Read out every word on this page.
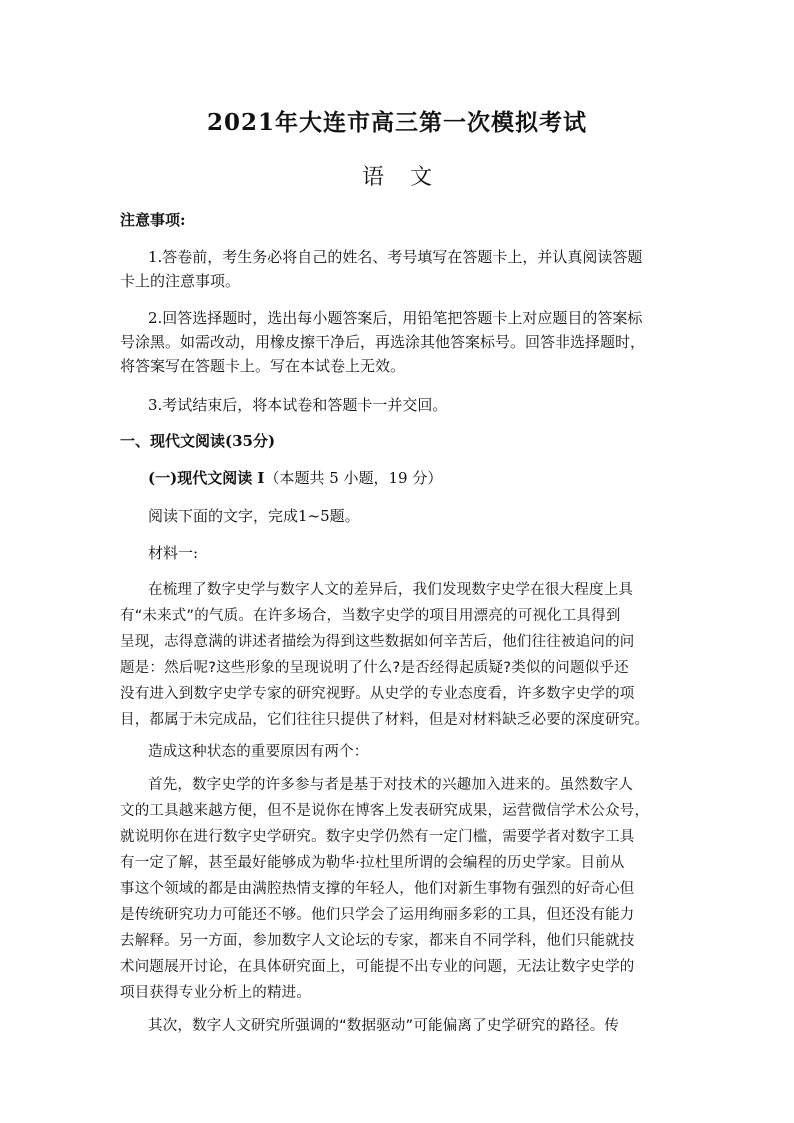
2021年大连市高三第一次模拟考试
语文
注意事项:
1.答卷前，考生务必将自己的姓名、考号填写在答题卡上，并认真阅读答题
卡上的注意事项。
2.回答选择题时，选出每小题答案后，用铅笔把答题卡上对应题目的答案标
号涂黑。如需改动，用橡皮擦干净后，再选涂其他答案标号。回答非选择题时，
将答案写在答题卡上。写在本试卷上无效。
3.考试结束后，将本试卷和答题卡一并交回。
一、现代文阅读(35分)
(一)现代文阅读 I（本题共 5 小题，19 分）
阅读下面的文字，完成1~5题。
材料一:
在梳理了数字史学与数字人文的差异后，我们发现数字史学在很大程度上具
有“未来式”的气质。在许多场合，当数字史学的项目用漂亮的可视化工具得到
呈现，志得意满的讲述者描绘为得到这些数据如何辛苦后，他们往往被追问的问
题是：然后呢?这些形象的呈现说明了什么?是否经得起质疑?类似的问题似乎还
没有进入到数字史学专家的研究视野。从史学的专业态度看，许多数字史学的项
目，都属于未完成品，它们往往只提供了材料，但是对材料缺乏必要的深度研究。
造成这种状态的重要原因有两个：
首先，数字史学的许多参与者是基于对技术的兴趣加入进来的。虽然数字人
文的工具越来越方便，但不是说你在博客上发表研究成果，运营微信学术公众号，
就说明你在进行数字史学研究。数字史学仍然有一定门槛，需要学者对数字工具
有一定了解，甚至最好能够成为勒华·拉杜里所谓的会编程的历史学家。目前从
事这个领域的都是由满腔热情支撑的年轻人，他们对新生事物有强烈的好奇心但
是传统研究功力可能还不够。他们只学会了运用绚丽多彩的工具，但还没有能力
去解释。另一方面，参加数字人文论坛的专家，都来自不同学科，他们只能就技
术问题展开讨论，在具体研究面上，可能提不出专业的问题，无法让数字史学的
项目获得专业分析上的精进。
其次，数字人文研究所强调的“数据驱动”可能偏离了史学研究的路径。传
